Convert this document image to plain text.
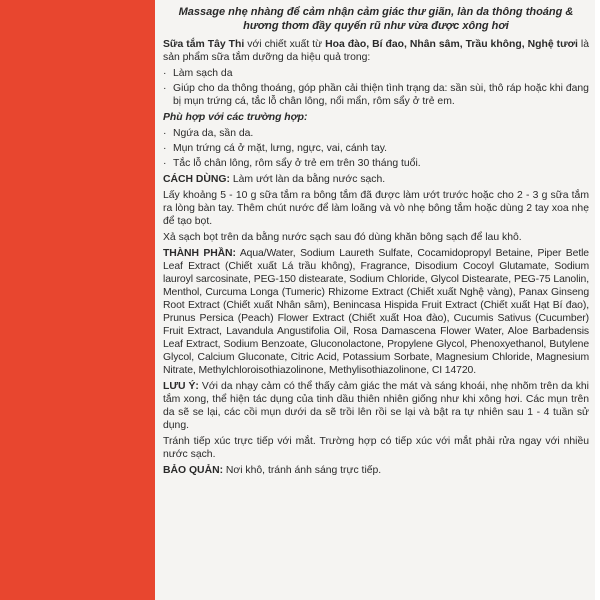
Massage nhẹ nhàng để cảm nhận cảm giác thư giãn, làn da thông thoáng & hương thơm đầy quyến rũ như vừa được xông hơi

Sữa tắm Tây Thi với chiết xuất từ Hoa đào, Bí đao, Nhân sâm, Trầu không, Nghệ tươi là sản phẩm sữa tắm dưỡng da hiệu quả trong:

· Làm sạch da
· Giúp cho da thông thoáng, góp phần cải thiện tình trạng da: sần sùi, thô ráp hoặc khi đang bị mụn trứng cá, tắc lỗ chân lông, nổi mẩn, rôm sẩy ở trẻ em.

Phù hợp với các trường hợp:

· Ngứa da, sần da.
· Mụn trứng cá ở mặt, lưng, ngực, vai, cánh tay.
· Tắc lỗ chân lông, rôm sẩy ở trẻ em trên 30 tháng tuổi.

CÁCH DÙNG: Làm ướt làn da bằng nước sạch.

Lấy khoảng 5 - 10 g sữa tắm ra bông tắm đã được làm ướt trước hoặc cho 2 - 3 g sữa tắm ra lòng bàn tay. Thêm chút nước để làm loãng và vò nhẹ bông tắm hoặc dùng 2 tay xoa nhẹ để tạo bọt.

Xả sạch bọt trên da bằng nước sạch sau đó dùng khăn bông sạch để lau khô.

THÀNH PHẦN: Aqua/Water, Sodium Laureth Sulfate, Cocamidopropyl Betaine, Piper Betle Leaf Extract (Chiết xuất Lá trầu không), Fragrance, Disodium Cocoyl Glutamate, Sodium lauroyl sarcosinate, PEG-150 distearate, Sodium Chloride, Glycol Distearate, PEG-75 Lanolin, Menthol, Curcuma Longa (Tumeric) Rhizome Extract (Chiết xuất Nghệ vàng), Panax Ginseng Root Extract (Chiết xuất Nhân sâm), Benincasa Hispida Fruit Extract (Chiết xuất Hạt Bí đao), Prunus Persica (Peach) Flower Extract (Chiết xuất Hoa đào), Cucumis Sativus (Cucumber) Fruit Extract, Lavandula Angustifolia Oil, Rosa Damascena Flower Water, Aloe Barbadensis Leaf Extract, Sodium Benzoate, Gluconolactone, Propylene Glycol, Phenoxyethanol, Butylene Glycol, Calcium Gluconate, Citric Acid, Potassium Sorbate, Magnesium Chloride, Magnesium Nitrate, Methylchloroisothiazolinone, Methylisothiazolinone, CI 14720.

LƯU Ý: Với da nhạy cảm có thể thấy cảm giác the mát và sáng khoái, nhẹ nhõm trên da khi tắm xong, thể hiện tác dụng của tinh dầu thiên nhiên giống như khi xông hơi. Các mụn trên da sẽ se lại, các cồi mụn dưới da sẽ trồi lên rồi se lại và bật ra tự nhiên sau 1 - 4 tuần sử dụng.

Tránh tiếp xúc trực tiếp với mắt. Trường hợp có tiếp xúc với mắt phải rửa ngay với nhiều nước sạch.

BẢO QUẢN: Nơi khô, tránh ánh sáng trực tiếp.
